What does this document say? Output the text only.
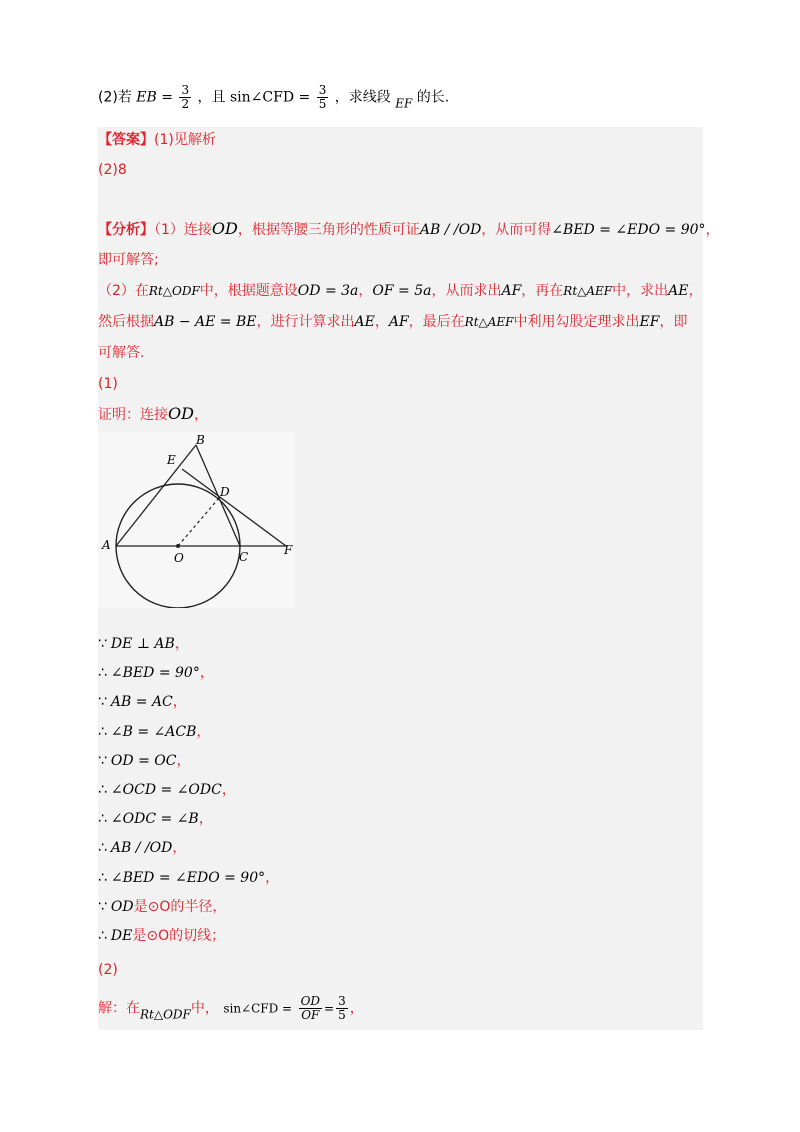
(2)若 EB = $\frac{3}{2}$ ，且 sin∠CFD = $\frac{3}{5}$ ，求线段 EF 的长.
【答案】(1)见解析
(2)8
【分析】（1）连接OD，根据等腰三角形的性质可证AB / /OD，从而可得∠BED = ∠EDO = 90°，
即可解答;
（2）在Rt△ODF中，根据题意设OD = 3a，OF = 5a，从而求出AF，再在Rt△AEF中，求出AE，
然后根据AB − AE = BE，进行计算求出AE，AF，最后在Rt△AEF中利用勾股定理求出EF，即
可解答.
(1)
证明：连接OD，
A
B
C
D
E
F
O
∵ DE ⊥ AB，
∴ ∠BED = 90°，
∵ AB = AC，
∴ ∠B = ∠ACB，
∵ OD = OC，
∴ ∠OCD = ∠ODC，
∴ ∠ODC = ∠B，
∴ AB / /OD，
∴ ∠BED = ∠EDO = 90°，
∵ OD是⊙O的半径，
∴ DE是⊙O的切线；
(2)
解：在Rt△ODF中， sin∠CFD = $\frac{OD}{OF} = \frac{3}{5}$ ，
